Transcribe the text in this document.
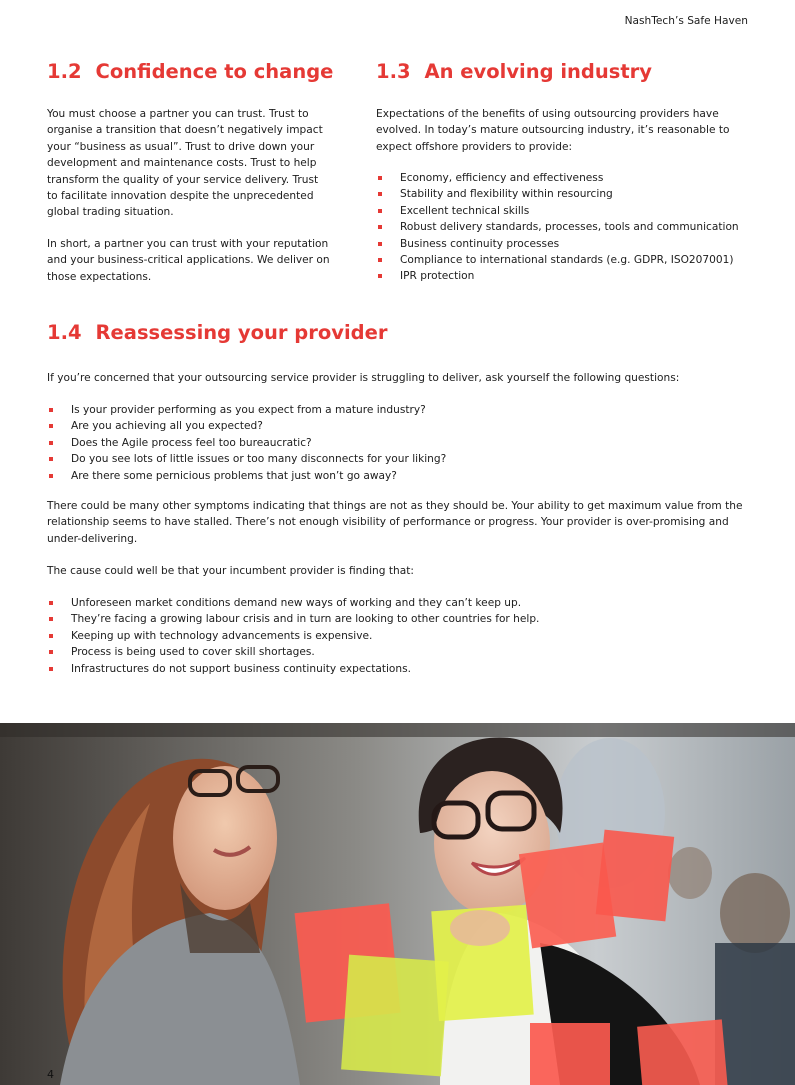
NashTech’s Safe Haven
1.2 Confidence to change

You must choose a partner you can trust. Trust to organise a transition that doesn’t negatively impact your “business as usual”. Trust to drive down your development and maintenance costs. Trust to help transform the quality of your service delivery. Trust to facilitate innovation despite the unprecedented global trading situation.

In short, a partner you can trust with your reputation and your business-critical applications. We deliver on those expectations.

1.3 An evolving industry

Expectations of the benefits of using outsourcing providers have evolved. In today’s mature outsourcing industry, it’s reasonable to expect offshore providers to provide:

Economy, efficiency and effectiveness
Stability and flexibility within resourcing
Excellent technical skills
Robust delivery standards, processes, tools and communication
Business continuity processes
Compliance to international standards (e.g. GDPR, ISO207001)
IPR protection
1.4 Reassessing your provider

If you’re concerned that your outsourcing service provider is struggling to deliver, ask yourself the following questions:

Is your provider performing as you expect from a mature industry?
Are you achieving all you expected?
Does the Agile process feel too bureaucratic?
Do you see lots of little issues or too many disconnects for your liking?
Are there some pernicious problems that just won’t go away?

There could be many other symptoms indicating that things are not as they should be. Your ability to get maximum value from the relationship seems to have stalled. There’s not enough visibility of performance or progress. Your provider is over-promising and under-delivering.

The cause could well be that your incumbent provider is finding that:

Unforeseen market conditions demand new ways of working and they can’t keep up.
They’re facing a growing labour crisis and in turn are looking to other countries for help.
Keeping up with technology advancements is expensive.
Process is being used to cover skill shortages.
Infrastructures do not support business continuity expectations.
4
